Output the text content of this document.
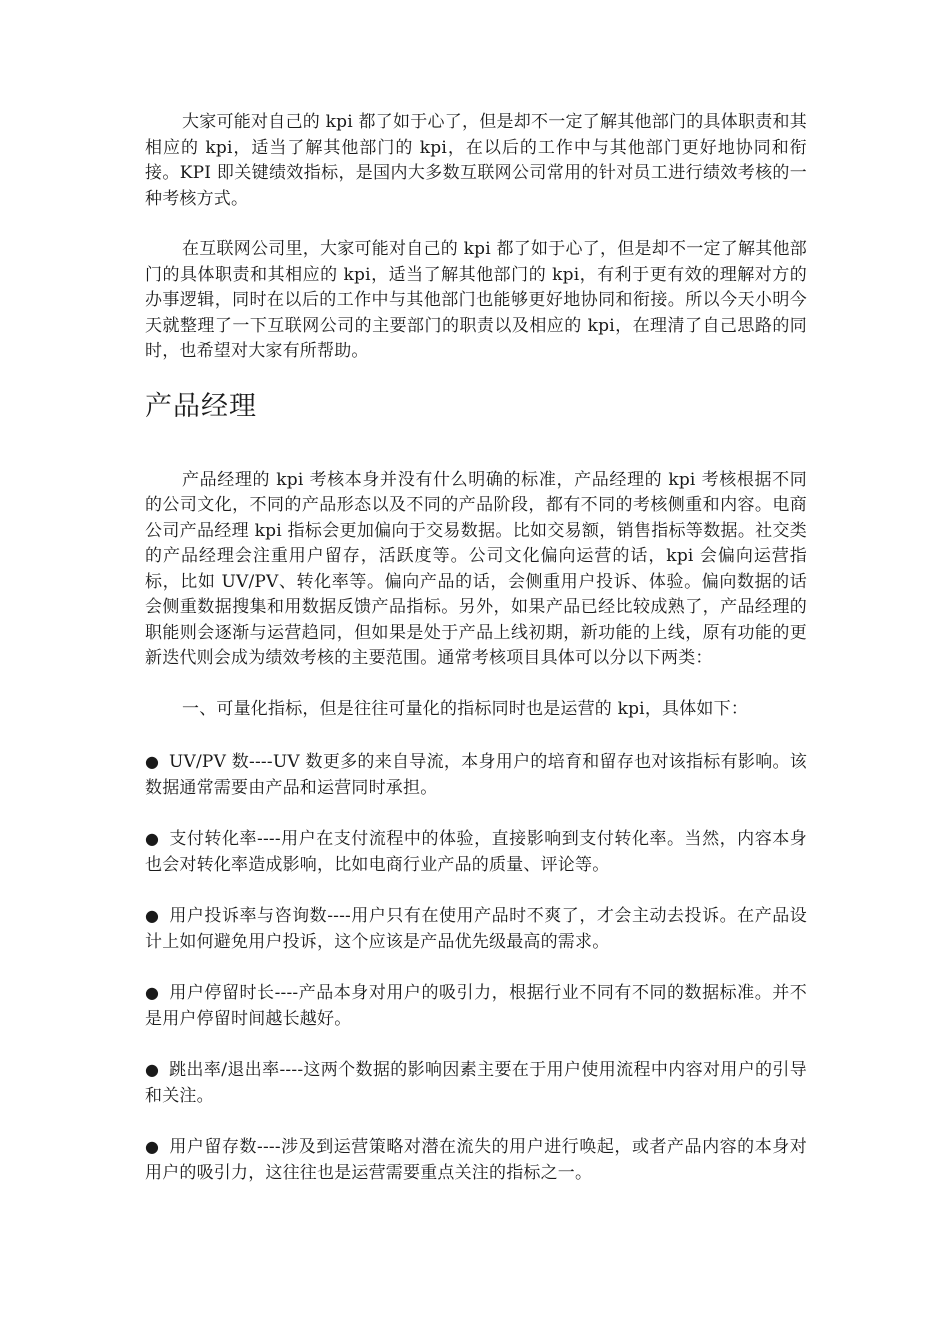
大家可能对自己的 kpi 都了如于心了，但是却不一定了解其他部门的具体职责和其相应的 kpi，适当了解其他部门的 kpi，在以后的工作中与其他部门更好地协同和衔接。KPI 即关键绩效指标，是国内大多数互联网公司常用的针对员工进行绩效考核的一种考核方式。

在互联网公司里，大家可能对自己的 kpi 都了如于心了，但是却不一定了解其他部门的具体职责和其相应的 kpi，适当了解其他部门的 kpi，有利于更有效的理解对方的办事逻辑，同时在以后的工作中与其他部门也能够更好地协同和衔接。所以今天小明今天就整理了一下互联网公司的主要部门的职责以及相应的 kpi，在理清了自己思路的同时，也希望对大家有所帮助。

产品经理

产品经理的 kpi 考核本身并没有什么明确的标准，产品经理的 kpi 考核根据不同的公司文化，不同的产品形态以及不同的产品阶段，都有不同的考核侧重和内容。电商公司产品经理 kpi 指标会更加偏向于交易数据。比如交易额，销售指标等数据。社交类的产品经理会注重用户留存，活跃度等。公司文化偏向运营的话，kpi 会偏向运营指标，比如 UV/PV、转化率等。偏向产品的话，会侧重用户投诉、体验。偏向数据的话会侧重数据搜集和用数据反馈产品指标。另外，如果产品已经比较成熟了，产品经理的职能则会逐渐与运营趋同，但如果是处于产品上线初期，新功能的上线，原有功能的更新迭代则会成为绩效考核的主要范围。通常考核项目具体可以分以下两类：

一、可量化指标，但是往往可量化的指标同时也是运营的 kpi，具体如下：

● UV/PV 数----UV 数更多的来自导流，本身用户的培育和留存也对该指标有影响。该数据通常需要由产品和运营同时承担。

● 支付转化率----用户在支付流程中的体验，直接影响到支付转化率。当然，内容本身也会对转化率造成影响，比如电商行业产品的质量、评论等。

● 用户投诉率与咨询数----用户只有在使用产品时不爽了，才会主动去投诉。在产品设计上如何避免用户投诉，这个应该是产品优先级最高的需求。

● 用户停留时长----产品本身对用户的吸引力，根据行业不同有不同的数据标准。并不是用户停留时间越长越好。

● 跳出率/退出率----这两个数据的影响因素主要在于用户使用流程中内容对用户的引导和关注。

● 用户留存数----涉及到运营策略对潜在流失的用户进行唤起，或者产品内容的本身对用户的吸引力，这往往也是运营需要重点关注的指标之一。
